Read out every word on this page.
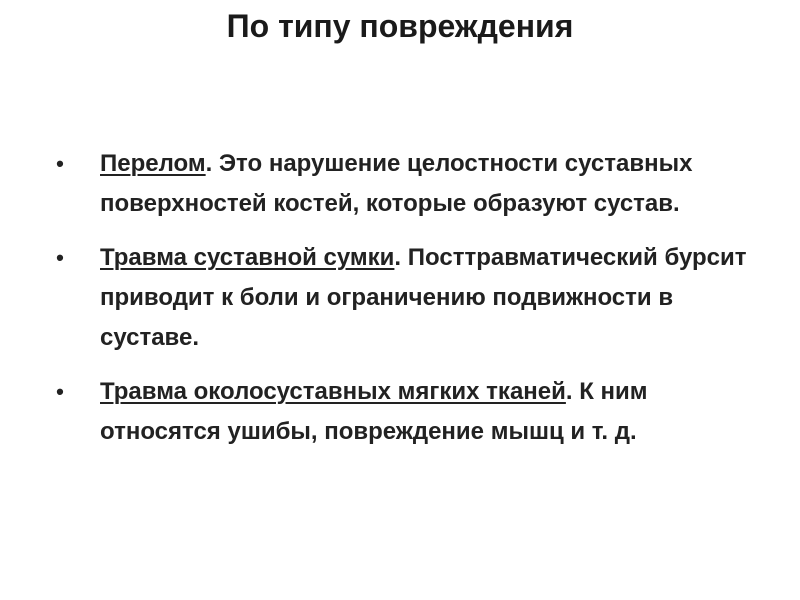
По типу повреждения
• Перелом. Это нарушение целостности суставных поверхностей костей, которые образуют сустав.
• Травма суставной сумки. Посттравматический бурсит приводит к боли и ограничению подвижности в суставе.
• Травма околосуставных мягких тканей. К ним относятся ушибы, повреждение мышц и т. д.
